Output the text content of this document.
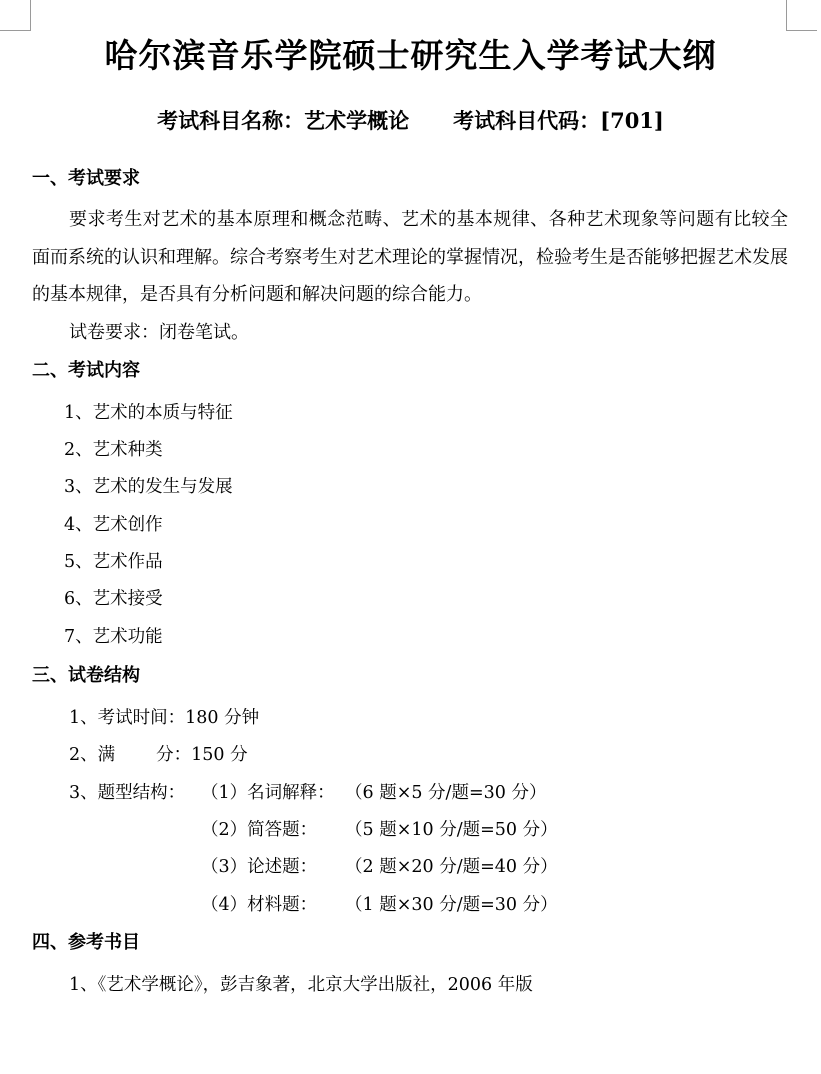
哈尔滨音乐学院硕士研究生入学考试大纲
考试科目名称：艺术学概论 考试科目代码：[701]
一、考试要求
要求考生对艺术的基本原理和概念范畴、艺术的基本规律、各种艺术现象等问题有比较全面而系统的认识和理解。综合考察考生对艺术理论的掌握情况，检验考生是否能够把握艺术发展的基本规律，是否具有分析问题和解决问题的综合能力。
试卷要求：闭卷笔试。
二、考试内容
1、艺术的本质与特征
2、艺术种类
3、艺术的发生与发展
4、艺术创作
5、艺术作品
6、艺术接受
7、艺术功能
三、试卷结构
1、考试时间：180 分钟
2、满 分：150 分
3、题型结构： （1）名词解释： （6 题×5 分/题=30 分）
（2）简答题： （5 题×10 分/题=50 分）
（3）论述题： （2 题×20 分/题=40 分）
（4）材料题： （1 题×30 分/题=30 分）
四、参考书目
1、《艺术学概论》，彭吉象著，北京大学出版社，2006 年版
